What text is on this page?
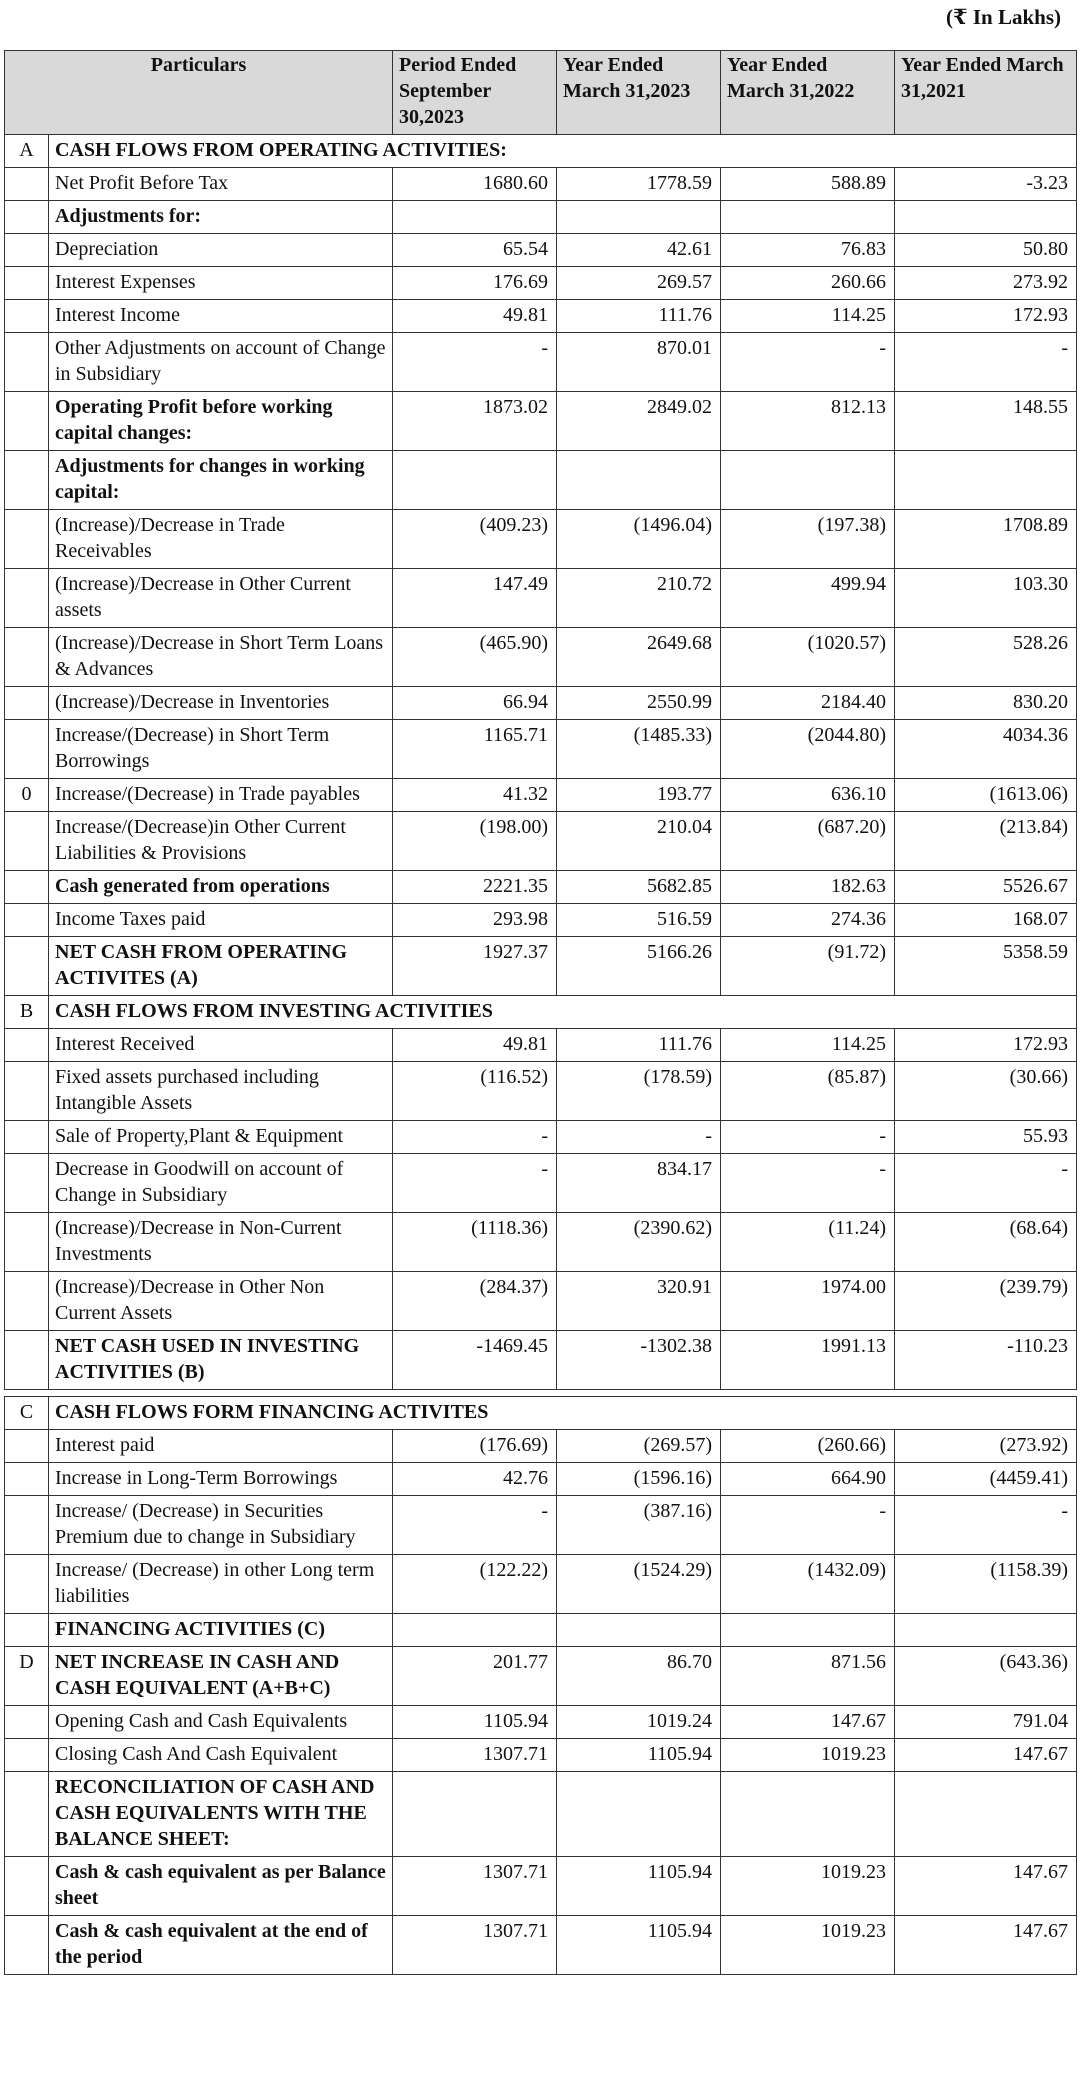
(₹ In Lakhs)
Particulars		Period Ended September 30,2023	Year Ended March 31,2023	Year Ended March 31,2022	Year Ended March 31,2021
A	CASH FLOWS FROM OPERATING ACTIVITIES:				
	Net Profit Before Tax	1680.60	1778.59	588.89	-3.23
	Adjustments for:				
	Depreciation	65.54	42.61	76.83	50.80
	Interest Expenses	176.69	269.57	260.66	273.92
	Interest Income	49.81	111.76	114.25	172.93
	Other Adjustments on account of Change in Subsidiary	-	870.01	-	-
	Operating Profit before working capital changes:	1873.02	2849.02	812.13	148.55
	Adjustments for changes in working capital:				
	(Increase)/Decrease in Trade Receivables	(409.23)	(1496.04)	(197.38)	1708.89
	(Increase)/Decrease in Other Current assets	147.49	210.72	499.94	103.30
	(Increase)/Decrease in Short Term Loans & Advances	(465.90)	2649.68	(1020.57)	528.26
	(Increase)/Decrease in Inventories	66.94	2550.99	2184.40	830.20
	Increase/(Decrease) in Short Term Borrowings	1165.71	(1485.33)	(2044.80)	4034.36
0	Increase/(Decrease) in Trade payables	41.32	193.77	636.10	(1613.06)
	Increase/(Decrease)in Other Current Liabilities & Provisions	(198.00)	210.04	(687.20)	(213.84)
	Cash generated from operations	2221.35	5682.85	182.63	5526.67
	Income Taxes paid	293.98	516.59	274.36	168.07
	NET CASH FROM OPERATING ACTIVITES (A)	1927.37	5166.26	(91.72)	5358.59
B	CASH FLOWS FROM INVESTING ACTIVITIES				
	Interest Received	49.81	111.76	114.25	172.93
	Fixed assets purchased including Intangible Assets	(116.52)	(178.59)	(85.87)	(30.66)
	Sale of Property,Plant & Equipment	-	-	-	55.93
	Decrease in Goodwill on account of Change in Subsidiary	-	834.17	-	-
	(Increase)/Decrease in Non-Current Investments	(1118.36)	(2390.62)	(11.24)	(68.64)
	(Increase)/Decrease in Other Non Current Assets	(284.37)	320.91	1974.00	(239.79)
	NET CASH USED IN INVESTING ACTIVITIES (B)	-1469.45	-1302.38	1991.13	-110.23

C	CASH FLOWS FORM FINANCING ACTIVITES				
	Interest paid	(176.69)	(269.57)	(260.66)	(273.92)
	Increase in Long-Term Borrowings	42.76	(1596.16)	664.90	(4459.41)
	Increase/ (Decrease) in Securities Premium due to change in Subsidiary	-	(387.16)	-	-
	Increase/ (Decrease) in other Long term liabilities	(122.22)	(1524.29)	(1432.09)	(1158.39)
	FINANCING ACTIVITIES (C)				
D	NET INCREASE IN CASH AND CASH EQUIVALENT (A+B+C)	201.77	86.70	871.56	(643.36)
	Opening Cash and Cash Equivalents	1105.94	1019.24	147.67	791.04
	Closing Cash And Cash Equivalent	1307.71	1105.94	1019.23	147.67
	RECONCILIATION OF CASH AND CASH EQUIVALENTS WITH THE BALANCE SHEET:				
	Cash & cash equivalent as per Balance sheet	1307.71	1105.94	1019.23	147.67
	Cash & cash equivalent at the end of the period	1307.71	1105.94	1019.23	147.67
